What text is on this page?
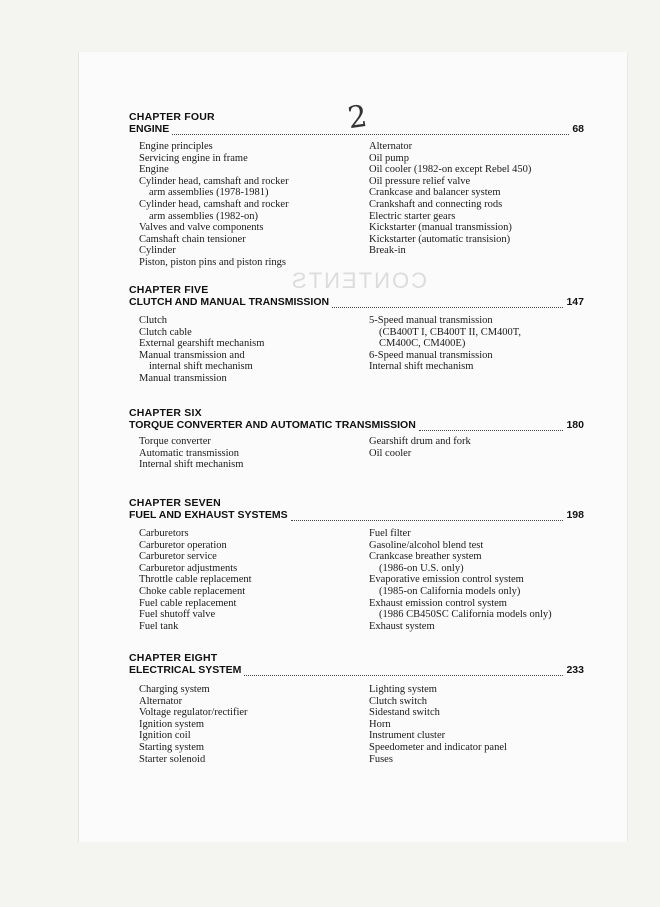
CONTENTS
2
CHAPTER FOUR
ENGINE	68
Engine principles
Servicing engine in frame
Engine
Cylinder head, camshaft and rocker
arm assemblies (1978-1981)
Cylinder head, camshaft and rocker
arm assemblies (1982-on)
Valves and valve components
Camshaft chain tensioner
Cylinder
Piston, piston pins and piston rings
Alternator
Oil pump
Oil cooler (1982-on except Rebel 450)
Oil pressure relief valve
Crankcase and balancer system
Crankshaft and connecting rods
Electric starter gears
Kickstarter (manual transmission)
Kickstarter (automatic transision)
Break-in
CHAPTER FIVE
CLUTCH AND MANUAL TRANSMISSION	147
Clutch
Clutch cable
External gearshift mechanism
Manual transmission and
internal shift mechanism
Manual transmission
5-Speed manual transmission
(CB400T I, CB400T II, CM400T,
CM400C, CM400E)
6-Speed manual transmission
Internal shift mechanism
CHAPTER SIX
TORQUE CONVERTER AND AUTOMATIC TRANSMISSION	180
Torque converter
Automatic transmission
Internal shift mechanism
Gearshift drum and fork
Oil cooler
CHAPTER SEVEN
FUEL AND EXHAUST SYSTEMS	198
Carburetors
Carburetor operation
Carburetor service
Carburetor adjustments
Throttle cable replacement
Choke cable replacement
Fuel cable replacement
Fuel shutoff valve
Fuel tank
Fuel filter
Gasoline/alcohol blend test
Crankcase breather system
(1986-on U.S. only)
Evaporative emission control system
(1985-on California models only)
Exhaust emission control system
(1986 CB450SC California models only)
Exhaust system
CHAPTER EIGHT
ELECTRICAL SYSTEM	233
Charging system
Alternator
Voltage regulator/rectifier
Ignition system
Ignition coil
Starting system
Starter solenoid
Lighting system
Clutch switch
Sidestand switch
Horn
Instrument cluster
Speedometer and indicator panel
Fuses
